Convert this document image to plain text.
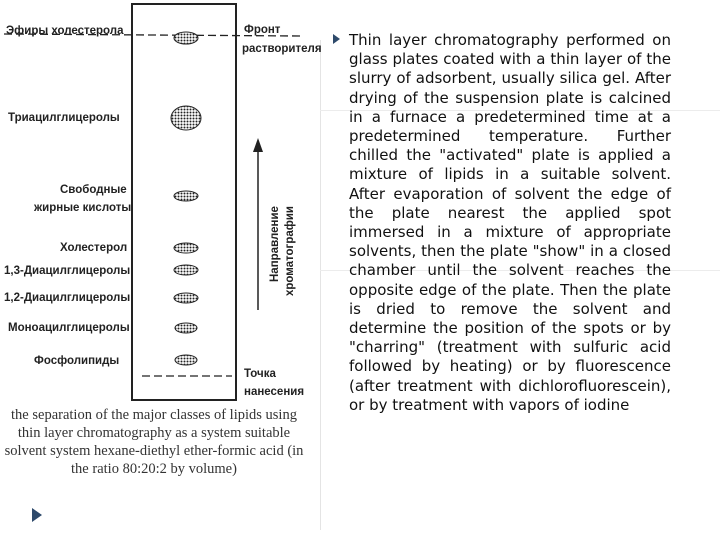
Эфиры холестерола
Триацилглицеролы
Свободные
жирные кислоты
Холестерол
1,3-Диацилглицеролы
1,2-Диацилглицеролы
Моноацилглицеролы
Фосфолипиды
Фронт
растворителя
Точка
нанесения
Направление хроматографии
the separation of the major classes of lipids using thin layer chromatography as a system suitable solvent system hexane-diethyl ether-formic acid (in the ratio 80:20:2 by volume)
Thin layer chromatography performed on glass plates coated with a thin layer of the slurry of adsorbent, usually silica gel. After drying of the suspension plate is calcined in a furnace a predetermined time at a predetermined temperature. Further chilled the "activated" plate is applied a mixture of lipids in a suitable solvent. After evaporation of solvent the edge of the plate nearest the applied spot immersed in a mixture of appropriate solvents, then the plate "show" in a closed chamber until the solvent reaches the opposite edge of the plate. Then the plate is dried to remove the solvent and determine the position of the spots or by "charring" (treatment with sulfuric acid followed by heating) or by fluorescence (after treatment with dichlorofluorescein), or by treatment with vapors of iodine
